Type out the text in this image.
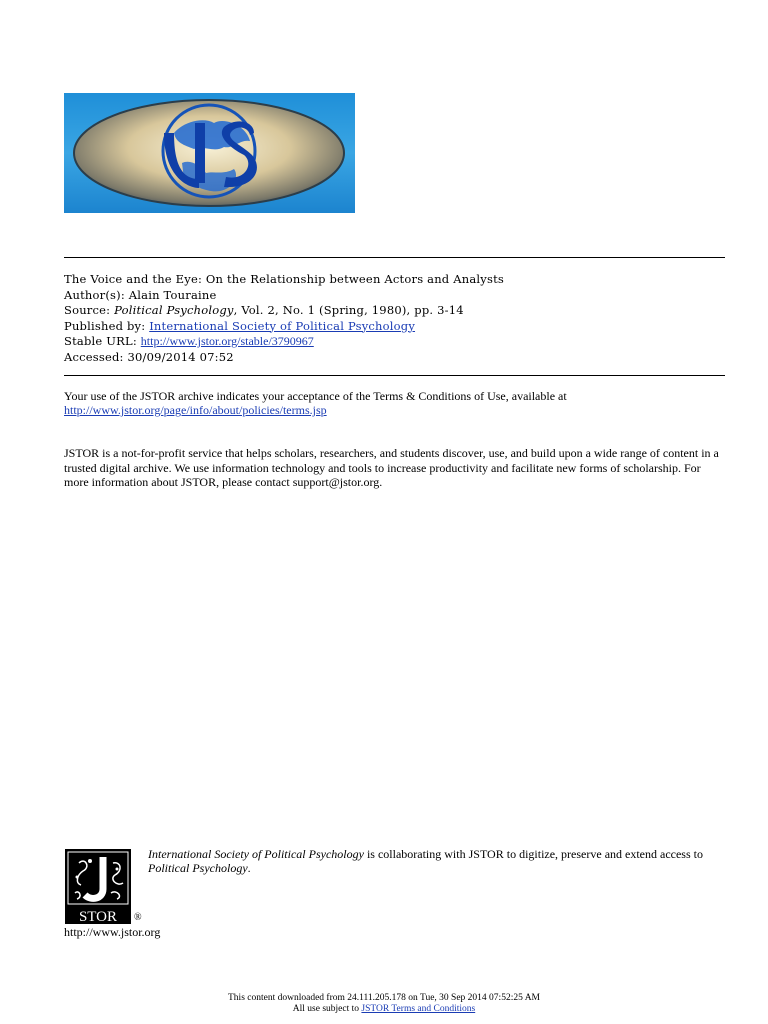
The Voice and the Eye: On the Relationship between Actors and Analysts
Author(s): Alain Touraine
Source: Political Psychology, Vol. 2, No. 1 (Spring, 1980), pp. 3-14
Published by: International Society of Political Psychology
Stable URL: http://www.jstor.org/stable/3790967
Accessed: 30/09/2014 07:52

Your use of the JSTOR archive indicates your acceptance of the Terms & Conditions of Use, available at

http://www.jstor.org/page/info/about/policies/terms.jsp

JSTOR is a not-for-profit service that helps scholars, researchers, and students discover, use, and build upon a wide range of content in a trusted digital archive. We use information technology and tools to increase productivity and facilitate new forms of scholarship. For more information about JSTOR, please contact support@jstor.org.

STOR ®
http://www.jstor.org
International Society of Political Psychology is collaborating with JSTOR to digitize, preserve and extend access to Political Psychology.
This content downloaded from 24.111.205.178 on Tue, 30 Sep 2014 07:52:25 AM
All use subject to JSTOR Terms and Conditions
